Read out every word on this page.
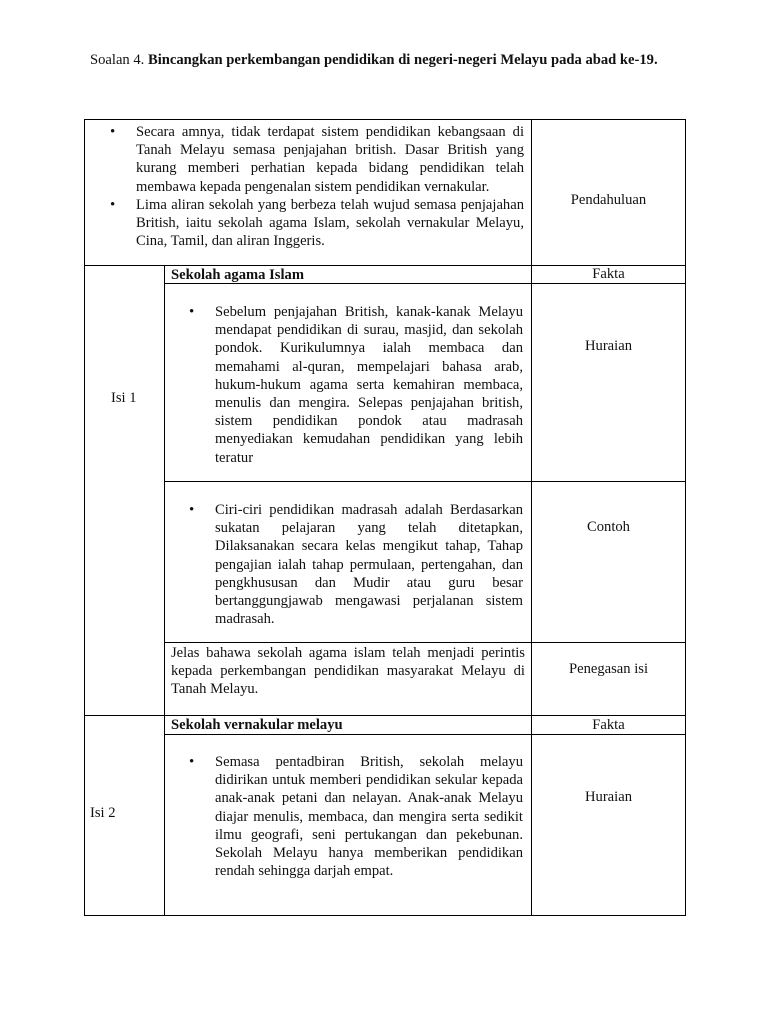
Soalan 4. Bincangkan perkembangan pendidikan di negeri-negeri Melayu pada abad ke-19.
• Secara amnya, tidak terdapat sistem pendidikan kebangsaan di Tanah Melayu semasa penjajahan british. Dasar British yang kurang memberi perhatian kepada bidang pendidikan telah membawa kepada pengenalan sistem pendidikan vernakular.
• Lima aliran sekolah yang berbeza telah wujud semasa penjajahan British, iaitu sekolah agama Islam, sekolah vernakular Melayu, Cina, Tamil, dan aliran Inggeris.
Pendahuluan
Isi 1
Sekolah agama Islam	Fakta
• Sebelum penjajahan British, kanak-kanak Melayu mendapat pendidikan di surau, masjid, dan sekolah pondok. Kurikulumnya ialah membaca dan memahami al-quran, mempelajari bahasa arab, hukum-hukum agama serta kemahiran membaca, menulis dan mengira. Selepas penjajahan british, sistem pendidikan pondok atau madrasah menyediakan kemudahan pendidikan yang lebih teratur
Huraian
• Ciri-ciri pendidikan madrasah adalah Berdasarkan sukatan pelajaran yang telah ditetapkan, Dilaksanakan secara kelas mengikut tahap, Tahap pengajian ialah tahap permulaan, pertengahan, dan pengkhususan dan Mudir atau guru besar bertanggungjawab mengawasi perjalanan sistem madrasah.
Contoh
Jelas bahawa sekolah agama islam telah menjadi perintis kepada perkembangan pendidikan masyarakat Melayu di Tanah Melayu.
Penegasan isi
Isi 2
Sekolah vernakular melayu	Fakta
• Semasa pentadbiran British, sekolah melayu didirikan untuk memberi pendidikan sekular kepada anak-anak petani dan nelayan. Anak-anak Melayu diajar menulis, membaca, dan mengira serta sedikit ilmu geografi, seni pertukangan dan pekebunan. Sekolah Melayu hanya memberikan pendidikan rendah sehingga darjah empat.
Huraian
